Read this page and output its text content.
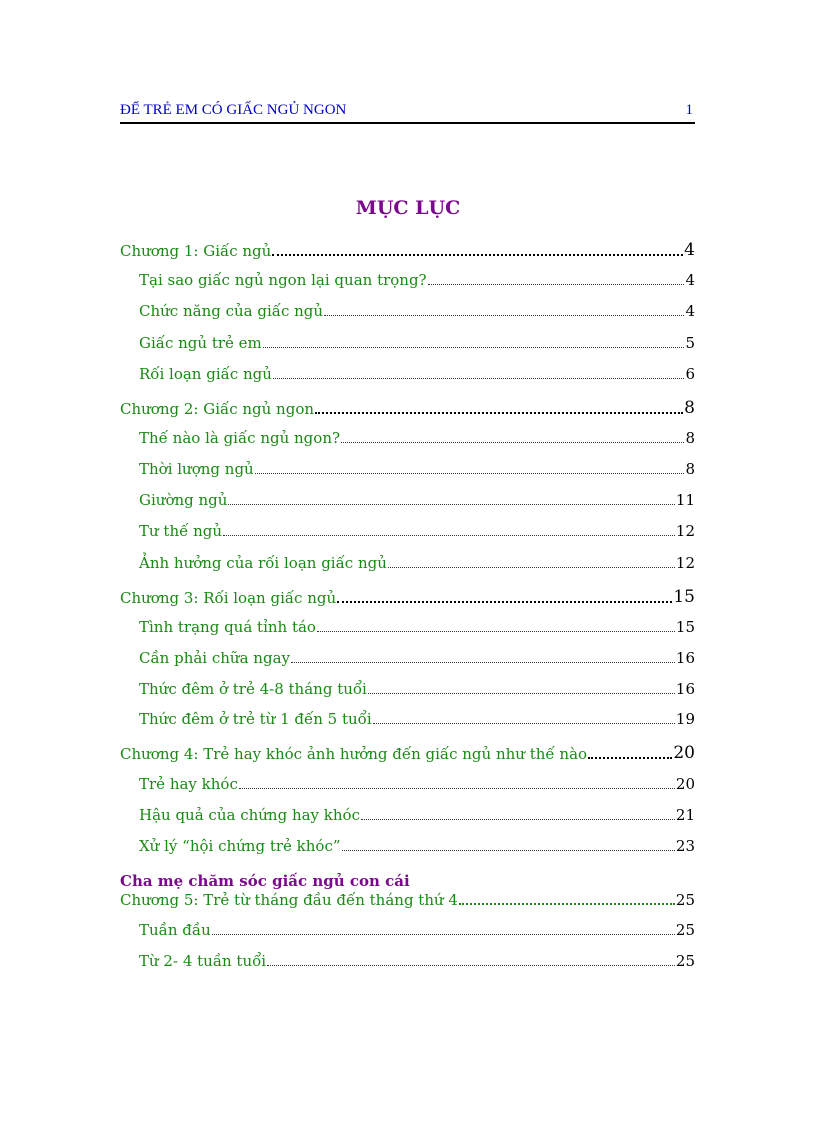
ĐỂ TRẺ EM CÓ GIẤC NGỦ NGON	1
MỤC LỤC
Chương 1: Giấc ngủ	4
Tại sao giấc ngủ ngon lại quan trọng?	4
Chức năng của giấc ngủ	4
Giấc ngủ trẻ em	5
Rối loạn giấc ngủ	6
Chương 2: Giấc ngủ ngon	8
Thế nào là giấc ngủ ngon?	8
Thời lượng ngủ	8
Giường ngủ	11
Tư thế ngủ	12
Ảnh hưởng của rối loạn giấc ngủ	12
Chương 3: Rối loạn giấc ngủ	15
Tình trạng quá tỉnh táo	15
Cần phải chữa ngay	16
Thức đêm ở trẻ 4-8 tháng tuổi	16
Thức đêm ở trẻ từ 1 đến 5 tuổi	19
Chương 4: Trẻ hay khóc ảnh hưởng đến giấc ngủ như thế nào	20
Trẻ hay khóc	20
Hậu quả của chứng hay khóc	21
Xử lý “hội chứng trẻ khóc”	23
Chương 5: Trẻ từ tháng đầu đến tháng thứ 4	25
Tuần đầu	25
Từ 2- 4 tuần tuổi	25
Cha mẹ chăm sóc giấc ngủ con cái
